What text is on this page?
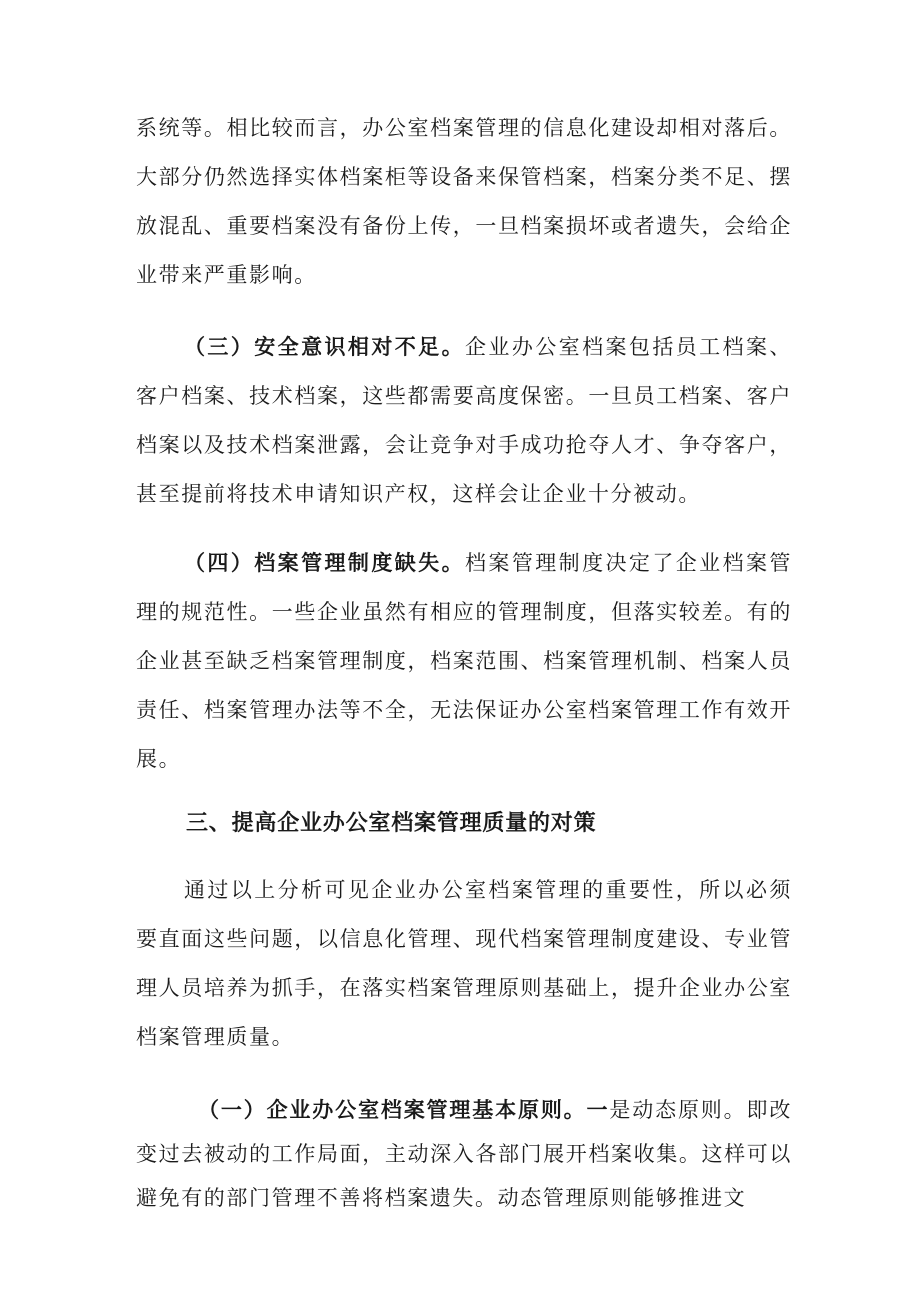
系统等。相比较而言，办公室档案管理的信息化建设却相对落后。大部分仍然选择实体档案柜等设备来保管档案，档案分类不足、摆放混乱、重要档案没有备份上传，一旦档案损坏或者遗失，会给企业带来严重影响。

（三）安全意识相对不足。企业办公室档案包括员工档案、客户档案、技术档案，这些都需要高度保密。一旦员工档案、客户档案以及技术档案泄露，会让竞争对手成功抢夺人才、争夺客户，甚至提前将技术申请知识产权，这样会让企业十分被动。

（四）档案管理制度缺失。档案管理制度决定了企业档案管理的规范性。一些企业虽然有相应的管理制度，但落实较差。有的企业甚至缺乏档案管理制度，档案范围、档案管理机制、档案人员责任、档案管理办法等不全，无法保证办公室档案管理工作有效开展。

三、提高企业办公室档案管理质量的对策

通过以上分析可见企业办公室档案管理的重要性，所以必须要直面这些问题，以信息化管理、现代档案管理制度建设、专业管理人员培养为抓手，在落实档案管理原则基础上，提升企业办公室档案管理质量。

（一）企业办公室档案管理基本原则。一是动态原则。即改变过去被动的工作局面，主动深入各部门展开档案收集。这样可以避免有的部门管理不善将档案遗失。动态管理原则能够推进文
